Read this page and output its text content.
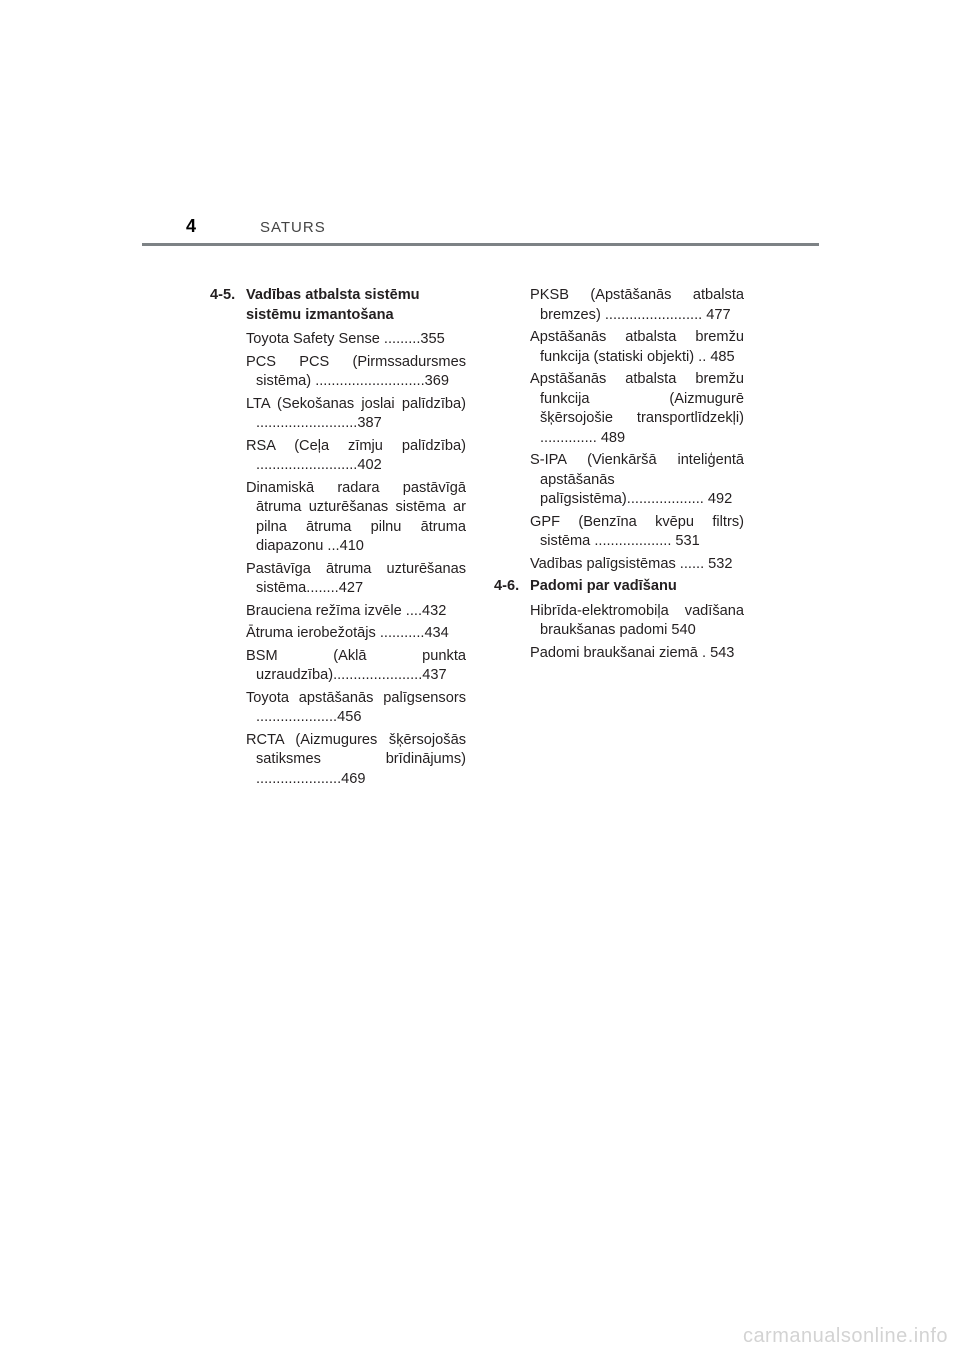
4	SATURS
4-5. Vadības atbalsta sistēmu sistēmu izmantošana
Toyota Safety Sense .........355
PCS PCS (Pirmssadursmes sistēma) ...........................369
LTA (Sekošanas joslai palīdzība) .........................387
RSA (Ceļa zīmju palīdzība) .........................402
Dinamiskā radara pastāvīgā ātruma uzturēšanas sistēma ar pilna ātruma pilnu ātruma diapazonu ...410
Pastāvīga ātruma uzturēšanas sistēma........427
Brauciena režīma izvēle ....432
Ātruma ierobežotājs ...........434
BSM (Aklā punkta uzraudzība)......................437
Toyota apstāšanās palīgsensors ....................456
RCTA (Aizmugures šķērsojošās satiksmes brīdinājums) .....................469
PKSB (Apstāšanās atbalsta bremzes) ........................ 477
Apstāšanās atbalsta bremžu funkcija (statiski objekti) .. 485
Apstāšanās atbalsta bremžu funkcija (Aizmugurē šķērsojošie transportlīdzekļi) .............. 489
S-IPA (Vienkāršā inteliģentā apstāšanās palīgsistēma)................... 492
GPF (Benzīna kvēpu filtrs) sistēma ................... 531
Vadības palīgsistēmas ...... 532
4-6. Padomi par vadīšanu
Hibrīda-elektromobiļa vadīšana braukšanas padomi 540
Padomi braukšanai ziemā . 543
carmanualsonline.info
